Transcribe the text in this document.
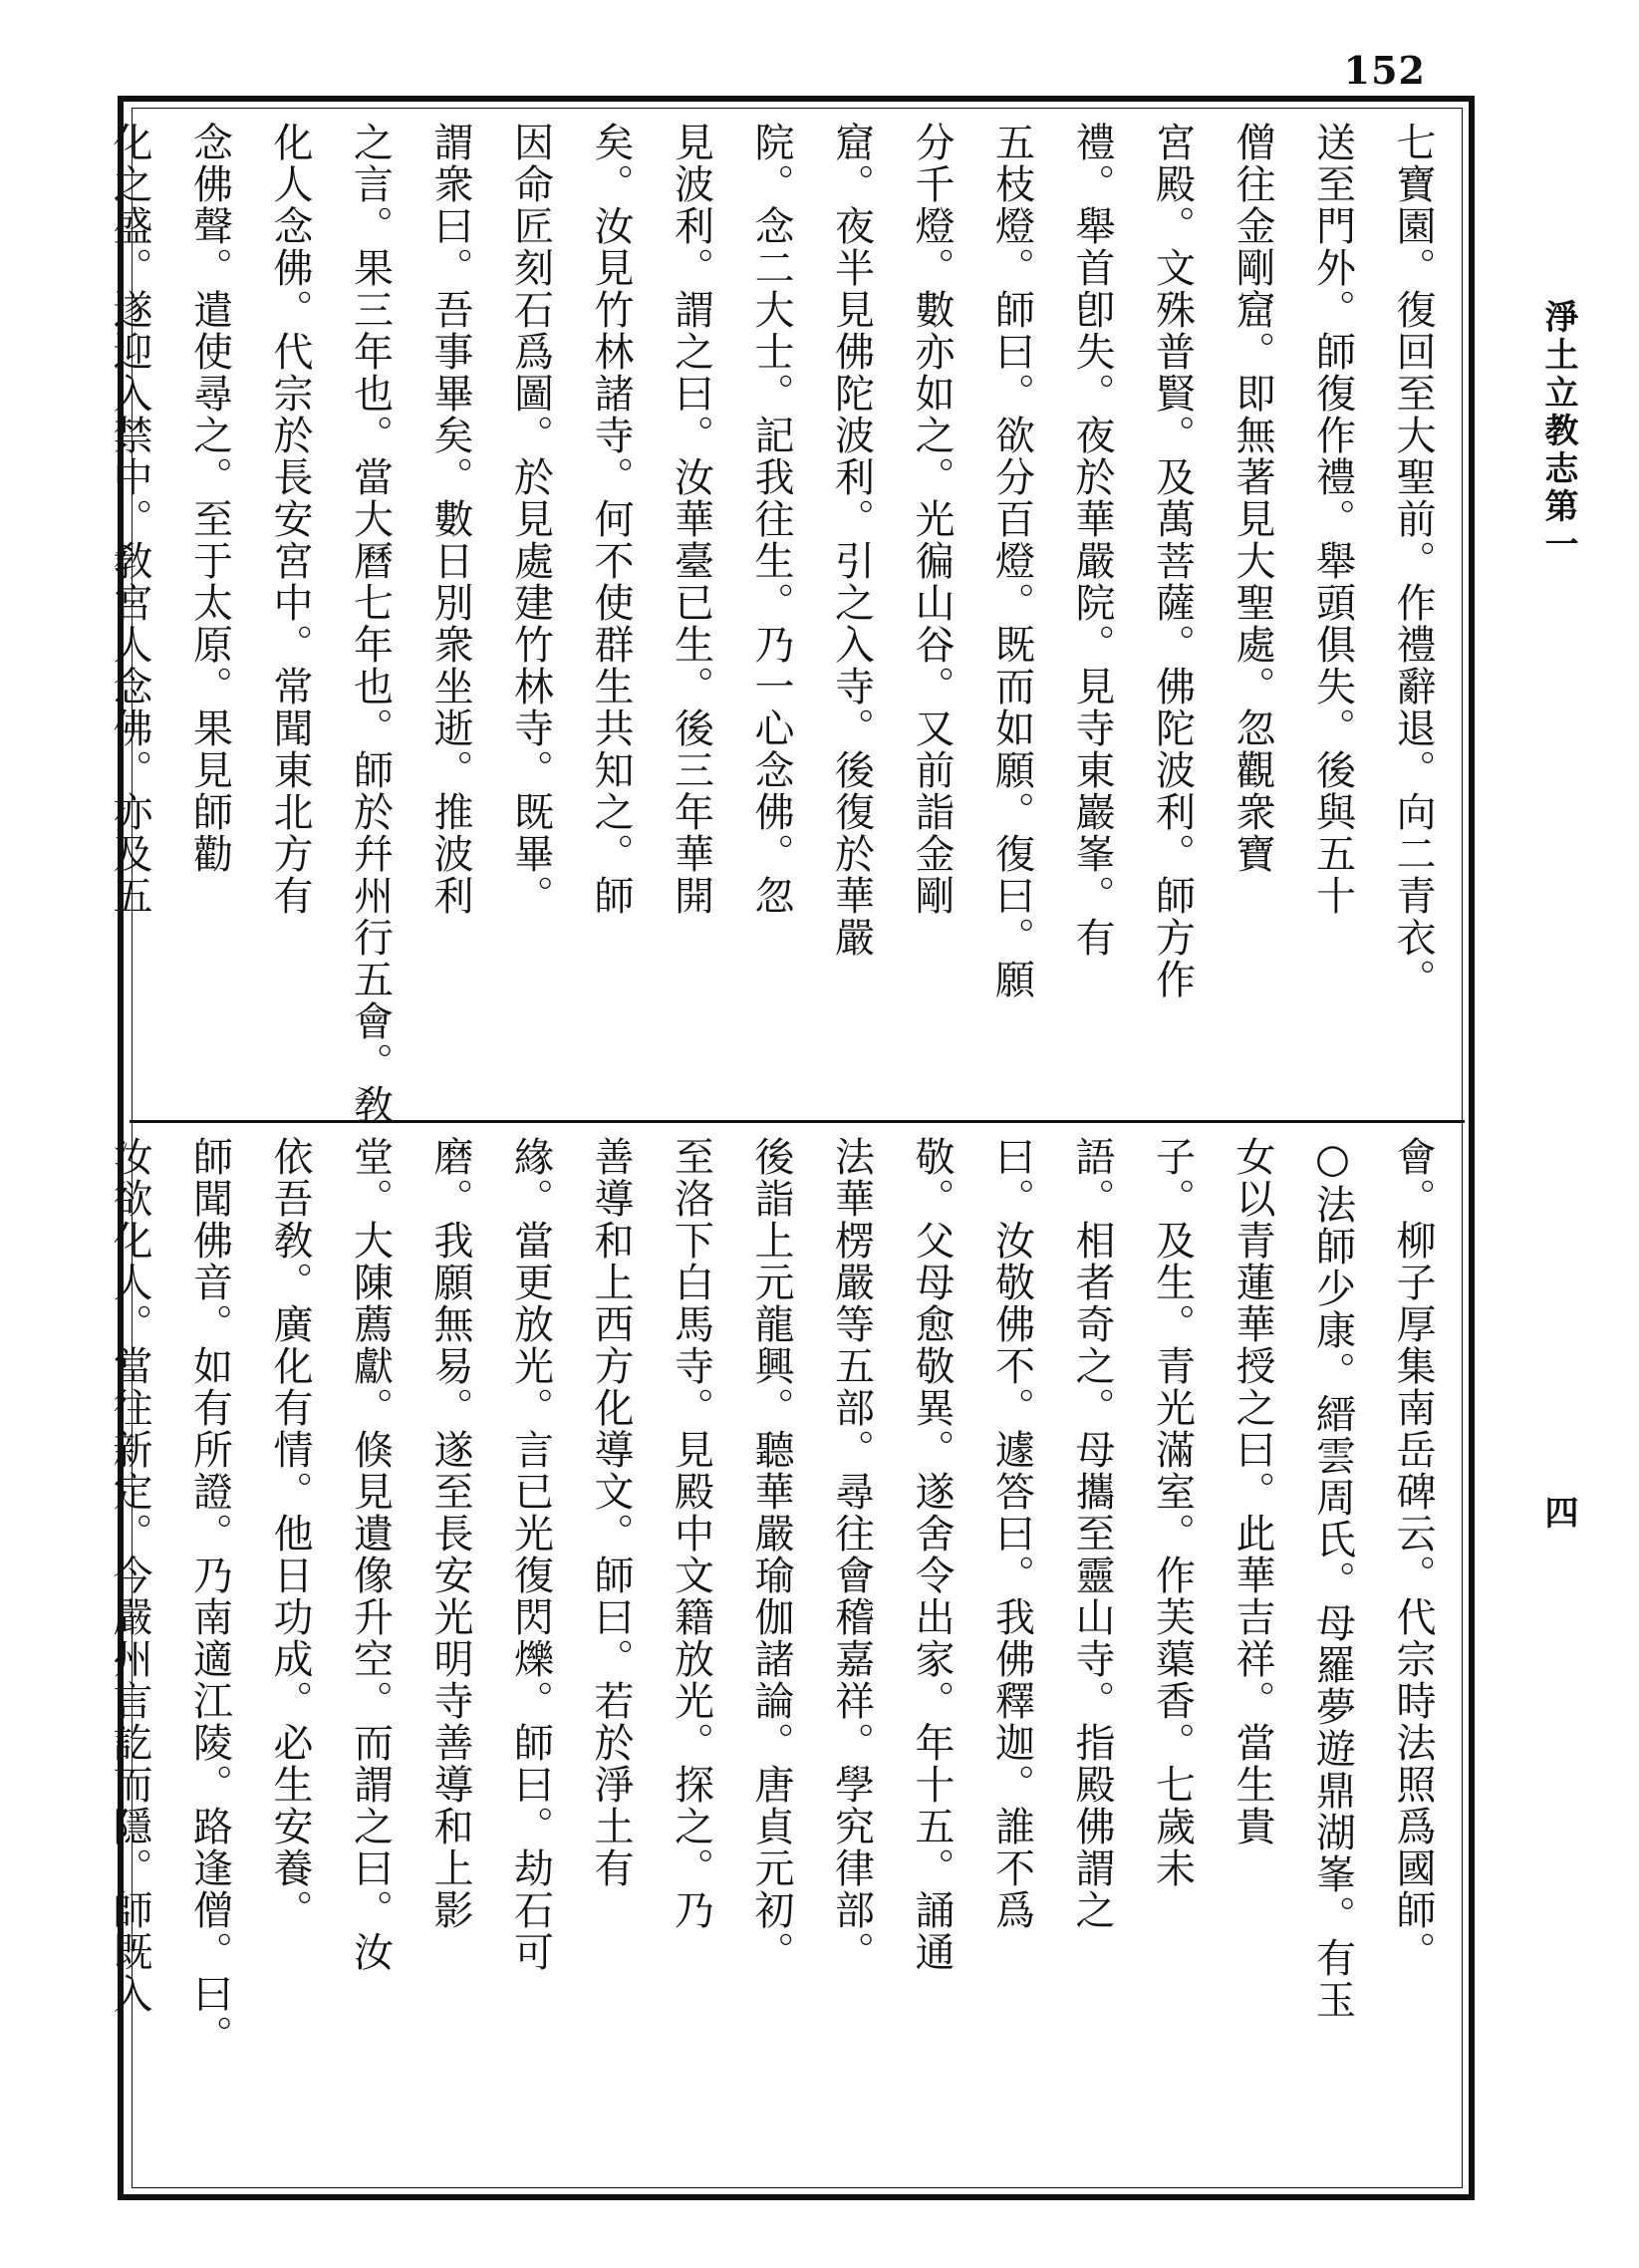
152
淨土立教志第一
四
七寶園。復回至大聖前。作禮辭退。向二青衣。
送至門外。師復作禮。舉頭俱失。後與五十
僧往金剛窟。即無著見大聖處。忽觀衆寶
宮殿。文殊普賢。及萬菩薩。佛陀波利。師方作
禮。舉首卽失。夜於華嚴院。見寺東巖峯。有
五枝燈。師曰。欲分百燈。既而如願。復曰。願
分千燈。數亦如之。光徧山谷。又前詣金剛
窟。夜半見佛陀波利。引之入寺。後復於華嚴
院。念二大士。記我往生。乃一心念佛。忽
見波利。謂之曰。汝華臺已生。後三年華開
矣。汝見竹林諸寺。何不使群生共知之。師
因命匠刻石爲圖。於見處建竹林寺。既畢。
謂衆曰。吾事畢矣。數日別衆坐逝。推波利
之言。果三年也。當大曆七年也。師於幷州行五會。敎
化人念佛。代宗於長安宮中。常聞東北方有
念佛聲。遣使尋之。至于太原。果見師勸
化之盛。遂迎入禁中。敎宮人念佛。亦及五
會。柳子厚集南岳碑云。代宗時法照爲國師。
○法師少康。縉雲周氏。母羅夢遊鼎湖峯。有玉
女以青蓮華授之曰。此華吉祥。當生貴
子。及生。青光滿室。作芙蕖香。七歲未
語。相者奇之。母攜至靈山寺。指殿佛謂之
曰。汝敬佛不。遽答曰。我佛釋迦。誰不爲
敬。父母愈敬異。遂舍令出家。年十五。誦通
法華楞嚴等五部。尋往會稽嘉祥。學究律部。
後詣上元龍興。聽華嚴瑜伽諸論。唐貞元初。
至洛下白馬寺。見殿中文籍放光。探之。乃
善導和上西方化導文。師曰。若於淨土有
緣。當更放光。言已光復閃爍。師曰。劫石可
磨。我願無易。遂至長安光明寺善導和上影
堂。大陳薦獻。倏見遺像升空。而謂之曰。汝
依吾敎。廣化有情。他日功成。必生安養。
師聞佛音。如有所證。乃南適江陵。路逢僧。曰。
汝欲化人。當往新定。今嚴州言訖而隱。師既入
